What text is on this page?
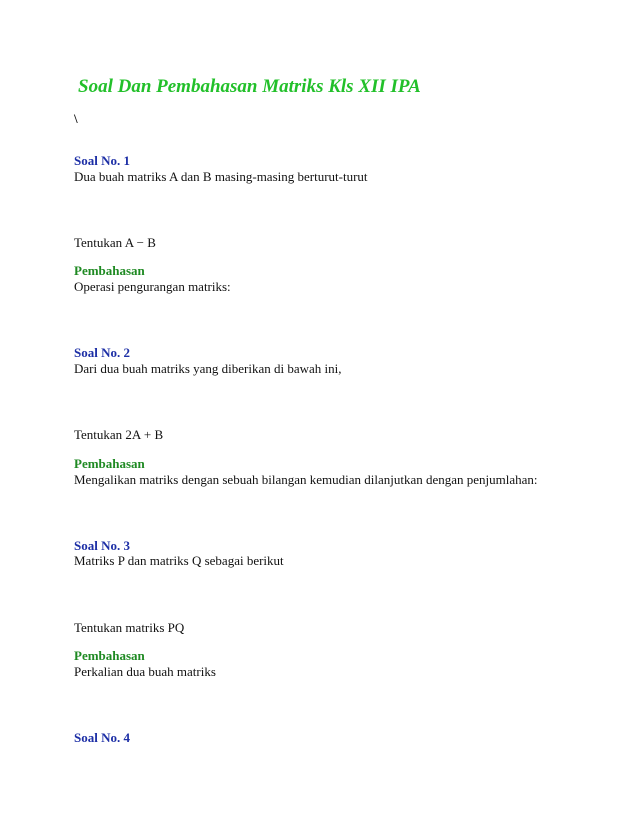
Soal Dan Pembahasan Matriks Kls XII IPA
\
Soal No. 1
Dua buah matriks A dan B masing-masing berturut-turut
Tentukan A − B
Pembahasan
Operasi pengurangan matriks:
Soal No. 2
Dari dua buah matriks yang diberikan di bawah ini,
Tentukan 2A + B
Pembahasan
Mengalikan matriks dengan sebuah bilangan kemudian dilanjutkan dengan penjumlahan:
Soal No. 3
Matriks P dan matriks Q sebagai berikut
Tentukan matriks PQ
Pembahasan
Perkalian dua buah matriks
Soal No. 4
